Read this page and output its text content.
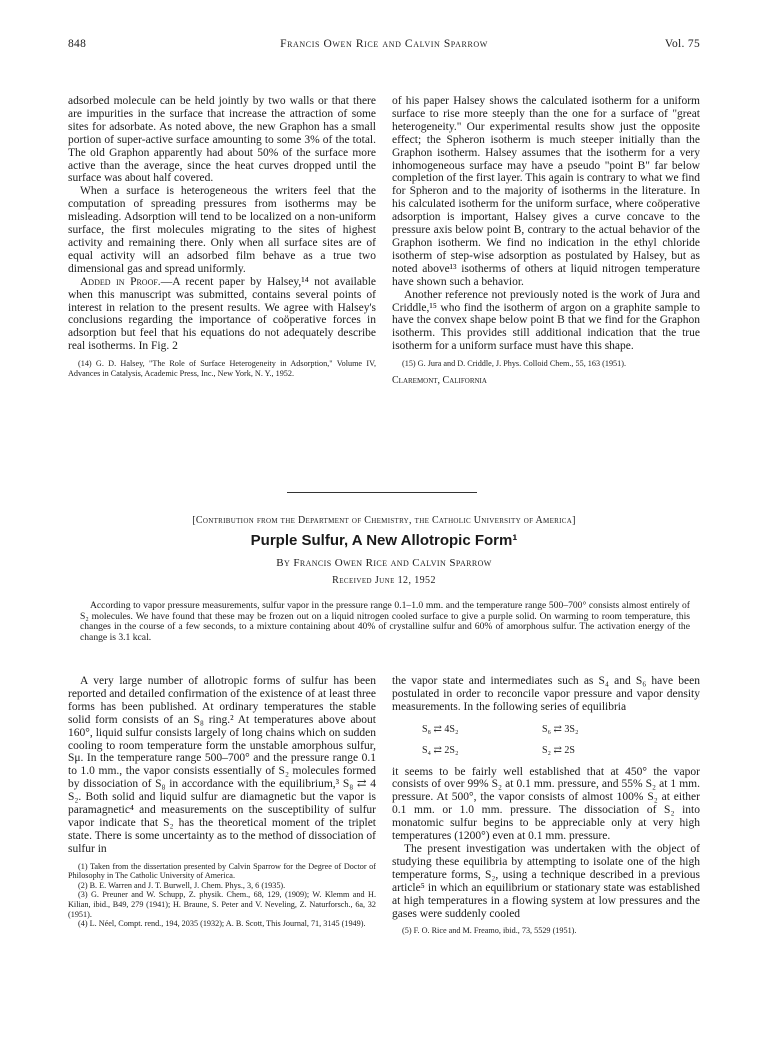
848	Francis Owen Rice and Calvin Sparrow	Vol. 75

adsorbed molecule can be held jointly by two walls or that there are impurities in the surface that increase the attraction of some sites for adsorbate. As noted above, the new Graphon has a small portion of super-active surface amounting to some 3% of the total. The old Graphon apparently had about 50% of the surface more active than the average, since the heat curves dropped until the surface was about half covered.

When a surface is heterogeneous the writers feel that the computation of spreading pressures from isotherms may be misleading. Adsorption will tend to be localized on a non-uniform surface, the first molecules migrating to the sites of highest activity and remaining there. Only when all surface sites are of equal activity will an adsorbed film behave as a true two dimensional gas and spread uniformly.

Added in Proof.—A recent paper by Halsey,¹⁴ not available when this manuscript was submitted, contains several points of interest in relation to the present results. We agree with Halsey's conclusions regarding the importance of coöperative forces in adsorption but feel that his equations do not adequately describe real isotherms. In Fig. 2

(14) G. D. Halsey, "The Role of Surface Heterogeneity in Adsorption," Volume IV, Advances in Catalysis, Academic Press, Inc., New York, N. Y., 1952.

of his paper Halsey shows the calculated isotherm for a uniform surface to rise more steeply than the one for a surface of "great heterogeneity." Our experimental results show just the opposite effect; the Spheron isotherm is much steeper initially than the Graphon isotherm. Halsey assumes that the isotherm for a very inhomogeneous surface may have a pseudo "point B" far below completion of the first layer. This again is contrary to what we find for Spheron and to the majority of isotherms in the literature. In his calculated isotherm for the uniform surface, where coöperative adsorption is important, Halsey gives a curve concave to the pressure axis below point B, contrary to the actual behavior of the Graphon isotherm. We find no indication in the ethyl chloride isotherm of step-wise adsorption as postulated by Halsey, but as noted above¹³ isotherms of others at liquid nitrogen temperature have shown such a behavior.

Another reference not previously noted is the work of Jura and Criddle,¹⁵ who find the isotherm of argon on a graphite sample to have the convex shape below point B that we find for the Graphon isotherm. This provides still additional indication that the true isotherm for a uniform surface must have this shape.

(15) G. Jura and D. Criddle, J. Phys. Colloid Chem., 55, 163 (1951).

Claremont, California

[Contribution from the Department of Chemistry, the Catholic University of America]
Purple Sulfur, A New Allotropic Form¹
By Francis Owen Rice and Calvin Sparrow
Received June 12, 1952

According to vapor pressure measurements, sulfur vapor in the pressure range 0.1–1.0 mm. and the temperature range 500–700° consists almost entirely of S₂ molecules. We have found that these may be frozen out on a liquid nitrogen cooled surface to give a purple solid. On warming to room temperature, this changes in the course of a few seconds, to a mixture containing about 40% of crystalline sulfur and 60% of amorphous sulfur. The activation energy of the change is 3.1 kcal.

A very large number of allotropic forms of sulfur has been reported and detailed confirmation of the existence of at least three forms has been published. At ordinary temperatures the stable solid form consists of an S₈ ring.² At temperatures above about 160°, liquid sulfur consists largely of long chains which on sudden cooling to room temperature form the unstable amorphous sulfur, Sμ. In the temperature range 500–700° and the pressure range 0.1 to 1.0 mm., the vapor consists essentially of S₂ molecules formed by dissociation of S₈ in accordance with the equilibrium,³ S₈ ⇄ 4 S₂. Both solid and liquid sulfur are diamagnetic but the vapor is paramagnetic⁴ and measurements on the susceptibility of sulfur vapor indicate that S₂ has the theoretical moment of the triplet state. There is some uncertainty as to the method of dissociation of sulfur in

(1) Taken from the dissertation presented by Calvin Sparrow for the Degree of Doctor of Philosophy in The Catholic University of America.

(2) B. E. Warren and J. T. Burwell, J. Chem. Phys., 3, 6 (1935).

(3) G. Preuner and W. Schupp, Z. physik. Chem., 68, 129, (1909); W. Klemm and H. Kilian, ibid., B49, 279 (1941); H. Braune, S. Peter and V. Neveling, Z. Naturforsch., 6a, 32 (1951).

(4) L. Néel, Compt. rend., 194, 2035 (1932); A. B. Scott, This Journal, 71, 3145 (1949).

the vapor state and intermediates such as S₄ and S₆ have been postulated in order to reconcile vapor pressure and vapor density measurements. In the following series of equilibria

S₈ ⇄ 4S₂	S₆ ⇄ 3S₂
S₄ ⇄ 2S₂	S₂ ⇄ 2S

it seems to be fairly well established that at 450° the vapor consists of over 99% S₂ at 0.1 mm. pressure, and 55% S₂ at 1 mm. pressure. At 500°, the vapor consists of almost 100% S₂ at either 0.1 mm. or 1.0 mm. pressure. The dissociation of S₂ into monatomic sulfur begins to be appreciable only at very high temperatures (1200°) even at 0.1 mm. pressure.

The present investigation was undertaken with the object of studying these equilibria by attempting to isolate one of the high temperature forms, S₂, using a technique described in a previous article⁵ in which an equilibrium or stationary state was established at high temperatures in a flowing system at low pressures and the gases were suddenly cooled

(5) F. O. Rice and M. Freamo, ibid., 73, 5529 (1951).
